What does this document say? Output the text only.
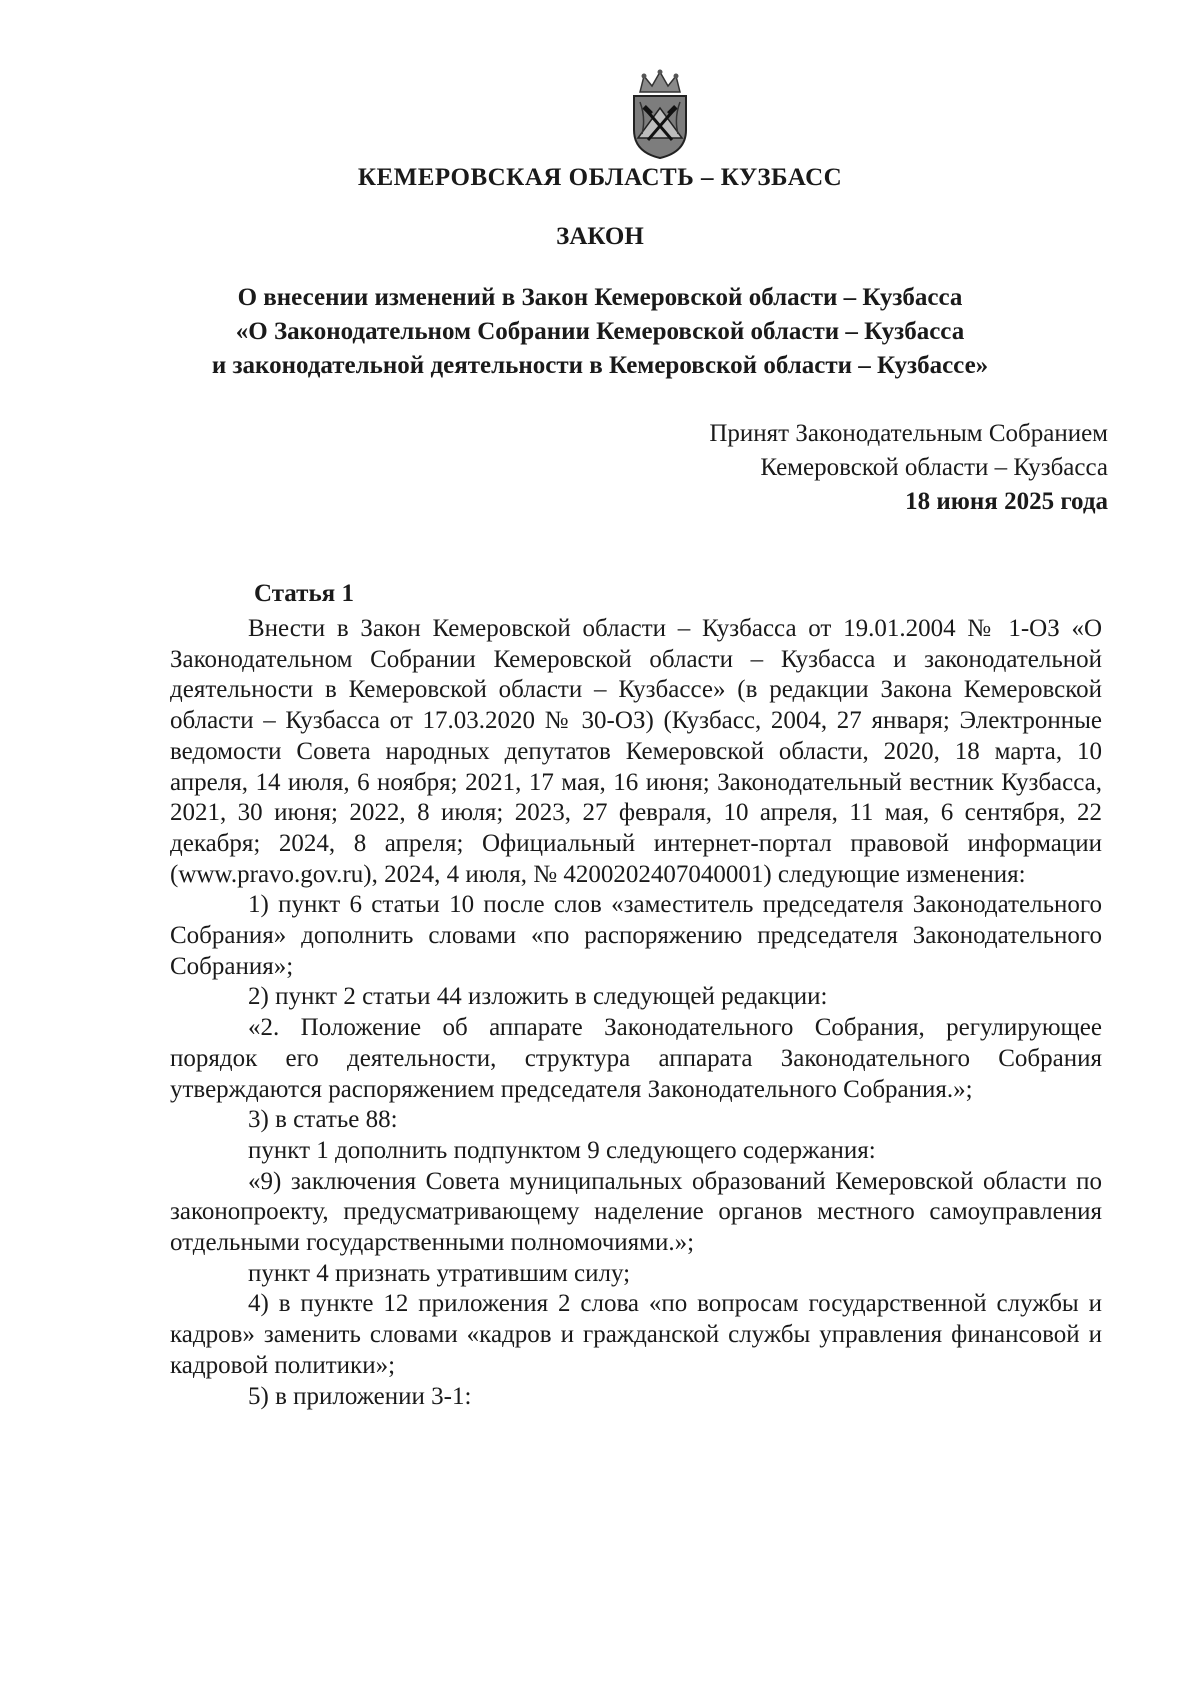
КЕМЕРОВСКАЯ ОБЛАСТЬ – КУЗБАСС
ЗАКОН
О внесении изменений в Закон Кемеровской области – Кузбасса
«О Законодательном Собрании Кемеровской области – Кузбасса
и законодательной деятельности в Кемеровской области – Кузбассе»
Принят Законодательным Собранием
Кемеровской области – Кузбасса
18 июня 2025 года
Статья 1

Внести в Закон Кемеровской области – Кузбасса от 19.01.2004 № 1-ОЗ «О Законодательном Собрании Кемеровской области – Кузбасса и законодательной деятельности в Кемеровской области – Кузбассе» (в редакции Закона Кемеровской области – Кузбасса от 17.03.2020 № 30-ОЗ) (Кузбасс, 2004, 27 января; Электронные ведомости Совета народных депутатов Кемеровской области, 2020, 18 марта, 10 апреля, 14 июля, 6 ноября; 2021, 17 мая, 16 июня; Законодательный вестник Кузбасса, 2021, 30 июня; 2022, 8 июля; 2023, 27 февраля, 10 апреля, 11 мая, 6 сентября, 22 декабря; 2024, 8 апреля; Официальный интернет-портал правовой информации (www.pravo.gov.ru), 2024, 4 июля, № 4200202407040001) следующие изменения:

1) пункт 6 статьи 10 после слов «заместитель председателя Законодательного Собрания» дополнить словами «по распоряжению председателя Законодательного Собрания»;

2) пункт 2 статьи 44 изложить в следующей редакции:

«2. Положение об аппарате Законодательного Собрания, регулирующее порядок его деятельности, структура аппарата Законодательного Собрания утверждаются распоряжением председателя Законодательного Собрания.»;

3) в статье 88:

пункт 1 дополнить подпунктом 9 следующего содержания:

«9) заключения Совета муниципальных образований Кемеровской области по законопроекту, предусматривающему наделение органов местного самоуправления отдельными государственными полномочиями.»;

пункт 4 признать утратившим силу;

4) в пункте 12 приложения 2 слова «по вопросам государственной службы и кадров» заменить словами «кадров и гражданской службы управления финансовой и кадровой политики»;

5) в приложении 3-1:
